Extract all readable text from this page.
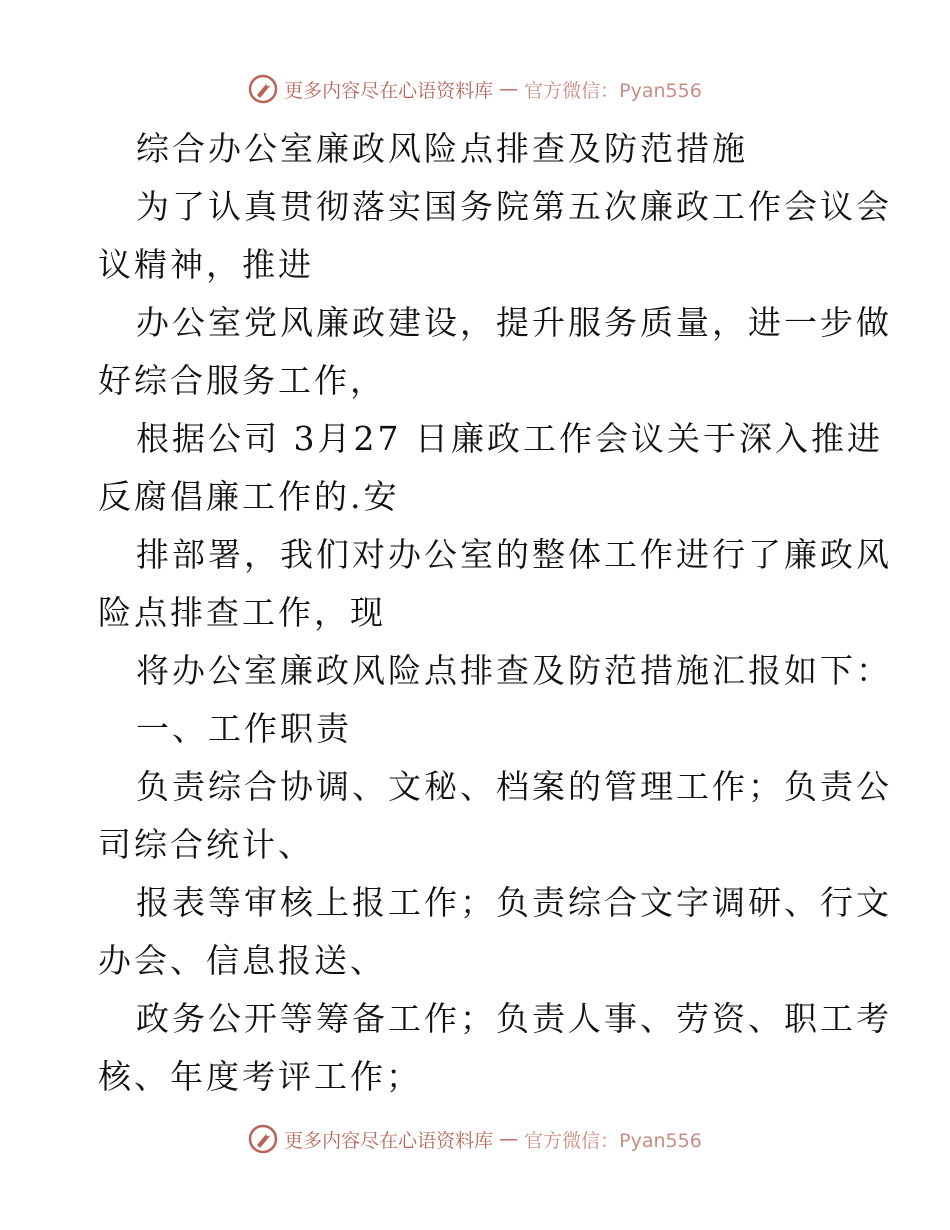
更多内容尽在心语资料库 — 官方微信：Pyan556
综合办公室廉政风险点排查及防范措施
为了认真贯彻落实国务院第五次廉政工作会议会
议精神，推进
办公室党风廉政建设，提升服务质量，进一步做
好综合服务工作，
根据公司 3月27 日廉政工作会议关于深入推进
反腐倡廉工作的.安
排部署，我们对办公室的整体工作进行了廉政风
险点排查工作，现
将办公室廉政风险点排查及防范措施汇报如下：
一、工作职责
负责综合协调、文秘、档案的管理工作；负责公
司综合统计、
报表等审核上报工作；负责综合文字调研、行文
办会、信息报送、
政务公开等筹备工作；负责人事、劳资、职工考
核、年度考评工作；
更多内容尽在心语资料库 — 官方微信：Pyan556
